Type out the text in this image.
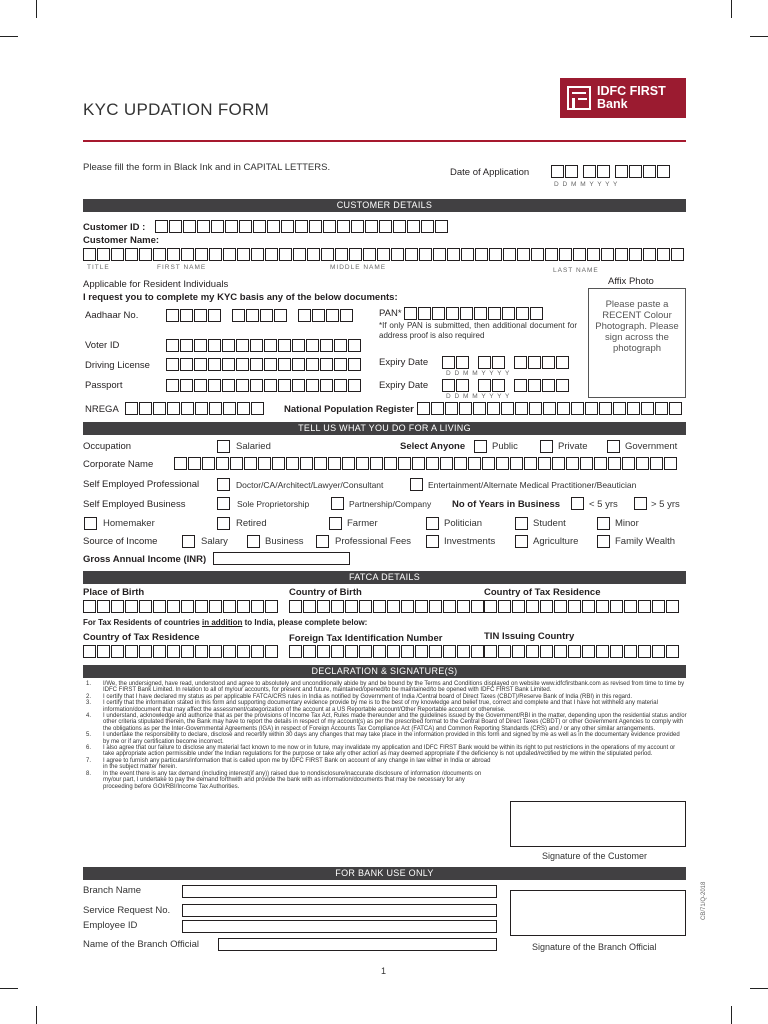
KYC UPDATION FORM
IDFC FIRST
Bank
Please fill the form in Black Ink and in CAPITAL LETTERS.	Date of Application
D D M M Y Y Y Y
CUSTOMER DETAILS
Customer ID :
Customer Name:
TITLE	FIRST NAME	MIDDLE NAME	LAST NAME
Affix Photo
Please paste a RECENT Colour Photograph. Please sign across the photograph
Applicable for Resident Individuals
I request you to complete my KYC basis any of the below documents:
Aadhaar No.	PAN*
*If only PAN is submitted, then additional document for address proof is also required
Voter ID
Driving License	Expiry Date
D D M M Y Y Y Y
Passport	Expiry Date
D D M M Y Y Y Y
NREGA	National Population Register
TELL US WHAT YOU DO FOR A LIVING
Occupation	Salaried	Select Anyone	Public	Private	Government
Corporate Name
Self Employed Professional	Doctor/CA/Architect/Lawyer/Consultant	Entertainment/Alternate Medical Practitioner/Beautician
Self Employed Business	Sole Proprietorship	Partnership/Company No of Years in Business	< 5 yrs	> 5 yrs
Homemaker	Retired	Farmer	Politician	Student	Minor
Source of Income	Salary	Business	Professional Fees	Investments	Agriculture	Family Wealth
Gross Annual Income (INR)
FATCA DETAILS
Place of Birth	Country of Birth	Country of Tax Residence
For Tax Residents of countries in addition to India, please complete below:
Country of Tax Residence	Foreign Tax Identification Number	TIN Issuing Country
DECLARATION & SIGNATURE(S)
1. I/We, the undersigned, have read, understood and agree to absolutely and unconditionally abide by and be bound by the Terms and Conditions displayed on website www.idfcfirstbank.com as revised from time to time by IDFC FIRST Bank Limited. In relation to all of my/our accounts, for present and future, maintained/opened/to be maintained/to be opened with IDFC FIRST Bank Limited.
2. I certify that I have declared my status as per applicable FATCA/CRS rules in India as notified by Government of India /Central board of Direct Taxes (CBDT)/Reserve Bank of India (RBI) in this regard.
3. I certify that the information stated in this form and supporting documentary evidence provide by me is to the best of my knowledge and belief true, correct and complete and that I have not withheld any material information/document that may affect the assessment/categorization of the account at a US Reportable account/Other Reportable account or otherwise.
4. I understand, acknowledge and authorize that as per the provisions of Income Tax Act, Rules made thereunder and the guidelines issued by the Government/RBI in the matter, depending upon the residential status and/or other criteria stipulated therein, the Bank may have to report the details in respect of my account(s) as per the prescribed format to the Central Board of Direct Taxes (CBDT) or other Government Agencies to comply with the obligations as per the Inter-Governmental Agreements (IGA) in respect of Foreign Accounts Tax Compliance Act (FATCA) and Common Reporting Standards (CRS) and / or any other similar arrangements.
5. I undertake the responsibility to declare, disclose and recertify within 30 days any changes that may take place in the information provided in this form and signed by me as well as in the documentary evidence provided by me or if any certification become incorrect.
6. I also agree that our failure to disclose any material fact known to me now or in future, may invalidate my application and IDFC FIRST Bank would be within its right to put restrictions in the operations of my account or take appropriate action permissible under the Indian regulations for the purpose or take any other action as may deemed appropriate if the deficiency is not updated/rectified by me within the stipulated period.
7. I agree to furnish any particulars/information that is called upon me by IDFC FIRST Bank on account of any change in law either in India or abroad in the subject matter herein.
8. In the event there is any tax demand (including interest(if any)) raised due to nondisclosure/inaccurate disclosure of information /documents on my/our part, I undertake to pay the demand forthwith and provide the bank with as information/documents that may be necessary for any proceeding before GOI/RBI/Income Tax Authorities.
Signature of the Customer
FOR BANK USE ONLY
Branch Name
Service Request No.
Employee ID
Name of the Branch Official	Signature of the Branch Official
CB/71/Q-2018
1
